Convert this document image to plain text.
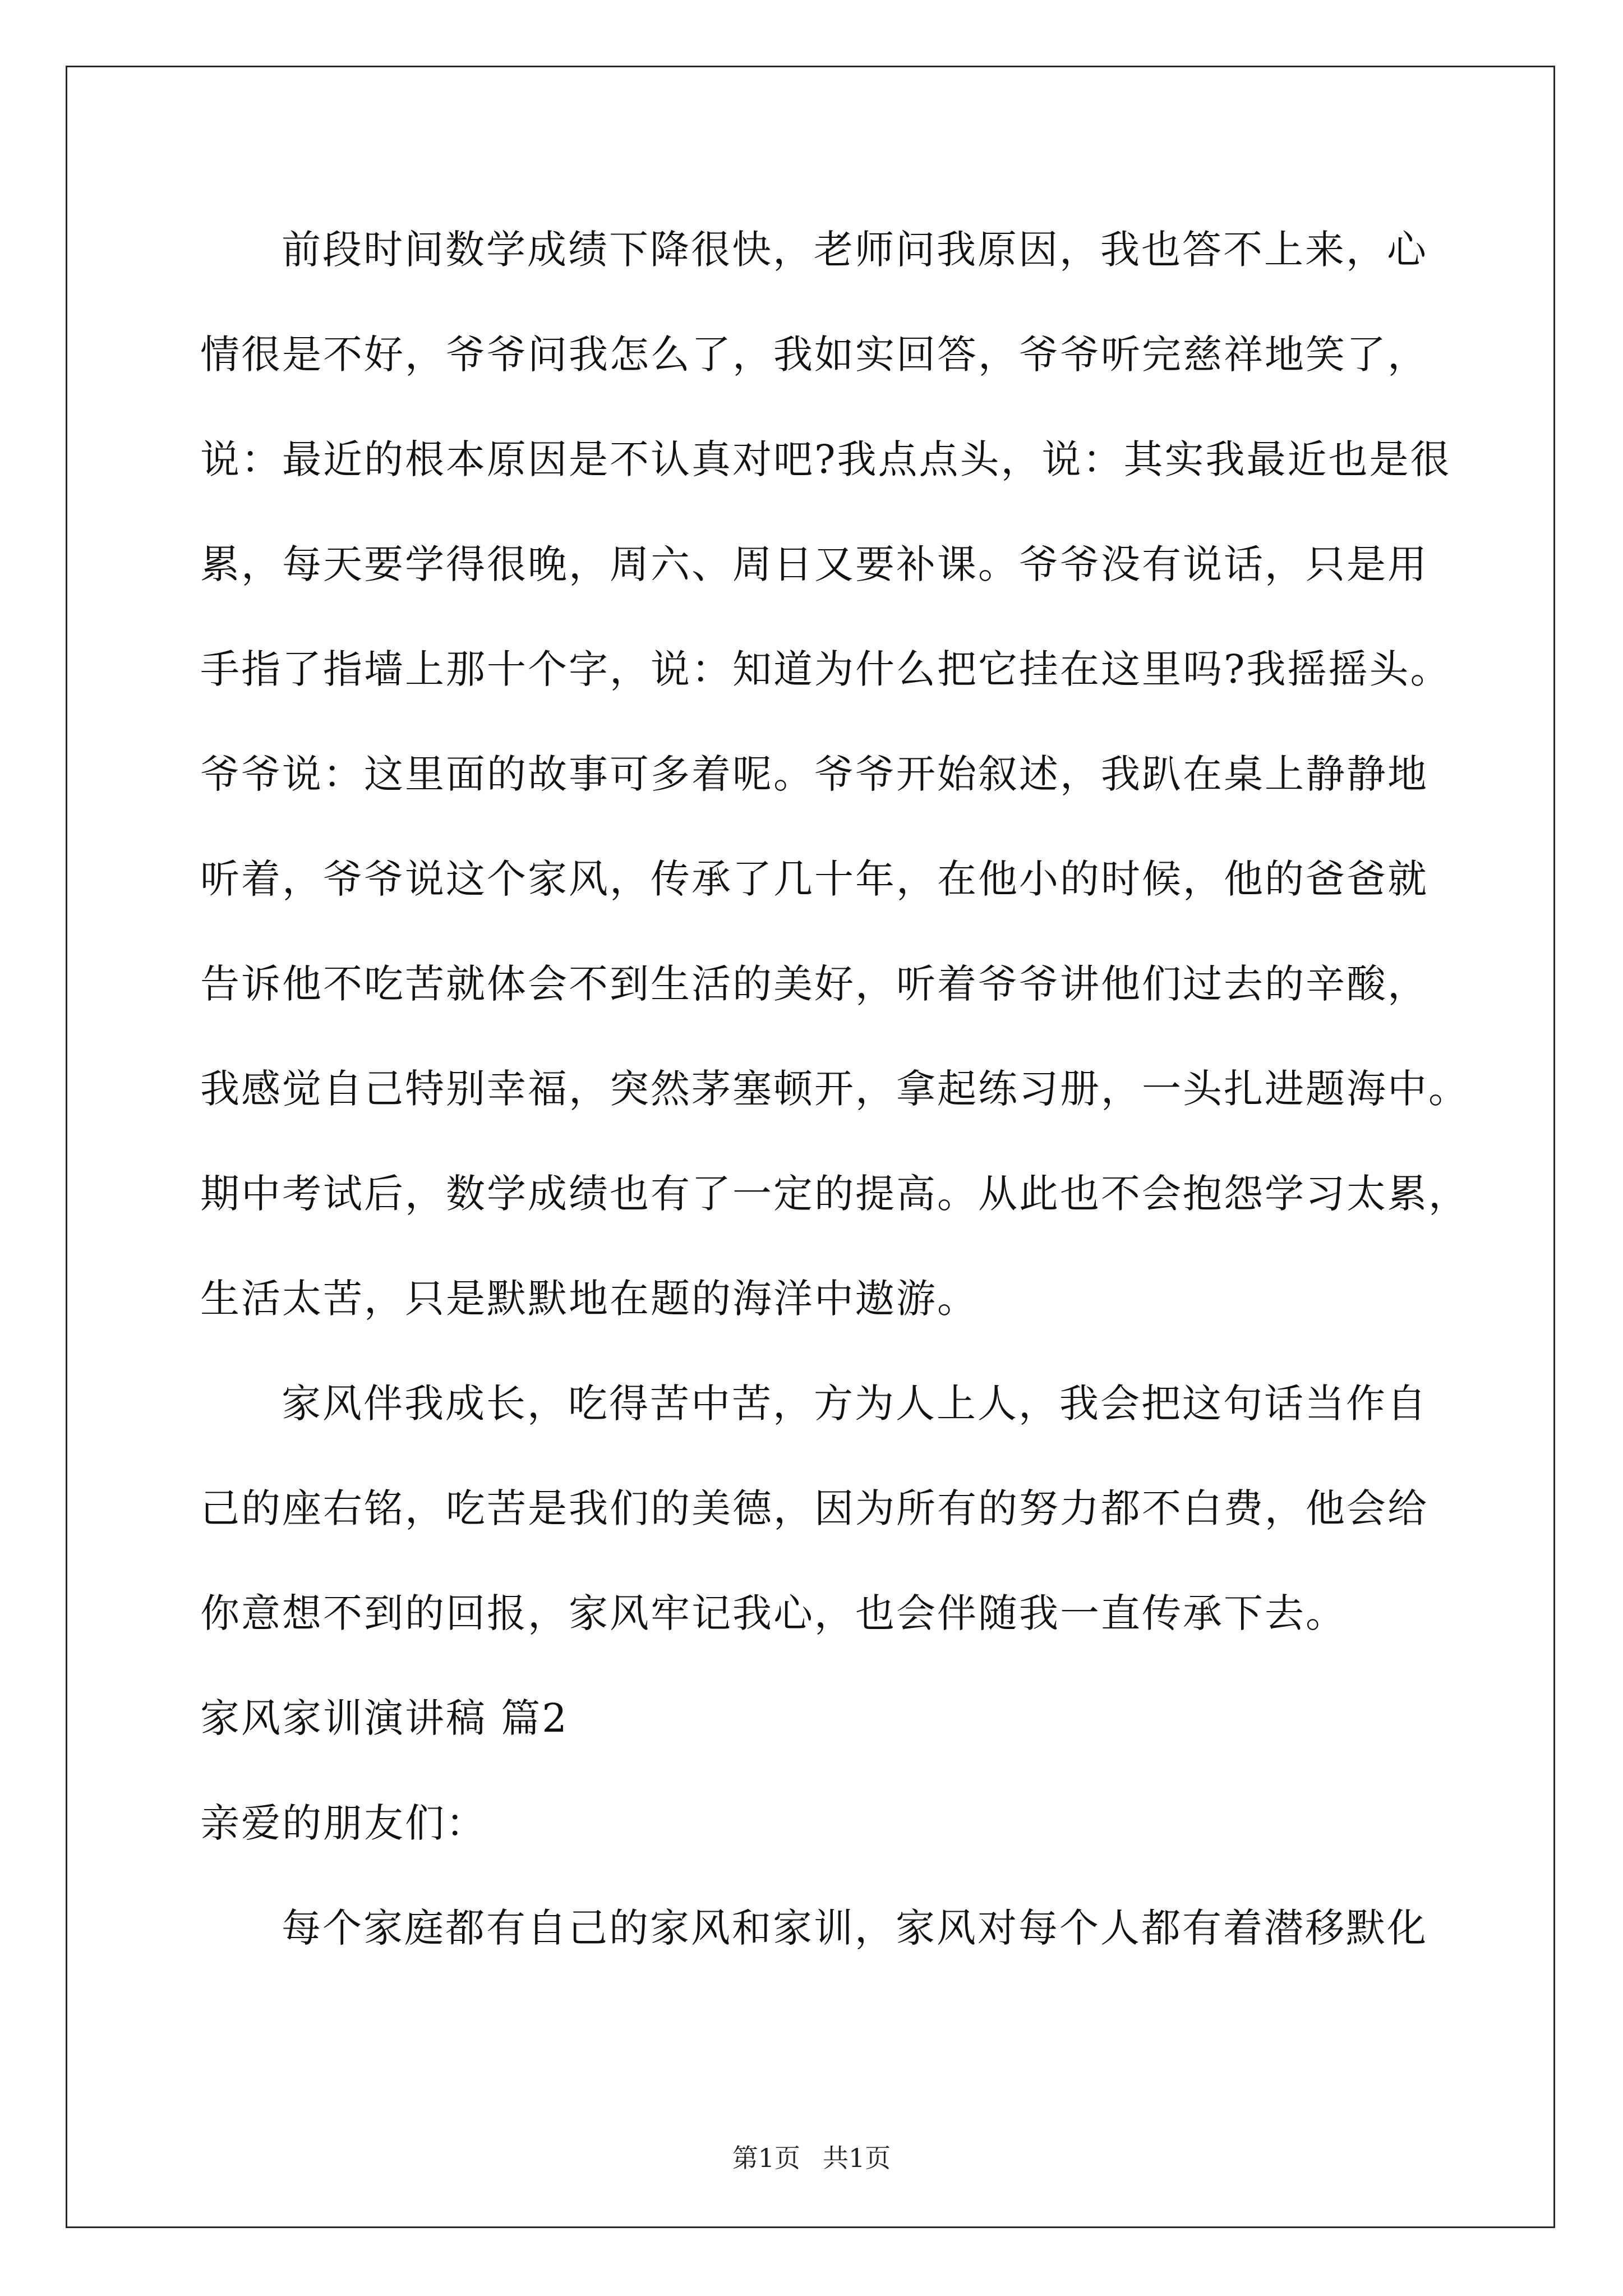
前段时间数学成绩下降很快，老师问我原因，我也答不上来，心
情很是不好，爷爷问我怎么了，我如实回答，爷爷听完慈祥地笑了，
说：最近的根本原因是不认真对吧?我点点头，说：其实我最近也是很
累，每天要学得很晚，周六、周日又要补课。爷爷没有说话，只是用
手指了指墙上那十个字，说：知道为什么把它挂在这里吗?我摇摇头。
爷爷说：这里面的故事可多着呢。爷爷开始叙述，我趴在桌上静静地
听着，爷爷说这个家风，传承了几十年，在他小的时候，他的爸爸就
告诉他不吃苦就体会不到生活的美好，听着爷爷讲他们过去的辛酸，
我感觉自己特别幸福，突然茅塞顿开，拿起练习册，一头扎进题海中。
期中考试后，数学成绩也有了一定的提高。从此也不会抱怨学习太累，
生活太苦，只是默默地在题的海洋中遨游。
家风伴我成长，吃得苦中苦，方为人上人，我会把这句话当作自
己的座右铭，吃苦是我们的美德，因为所有的努力都不白费，他会给
你意想不到的回报，家风牢记我心，也会伴随我一直传承下去。
家风家训演讲稿 篇2
亲爱的朋友们：
每个家庭都有自己的家风和家训，家风对每个人都有着潜移默化
第1页 共1页
